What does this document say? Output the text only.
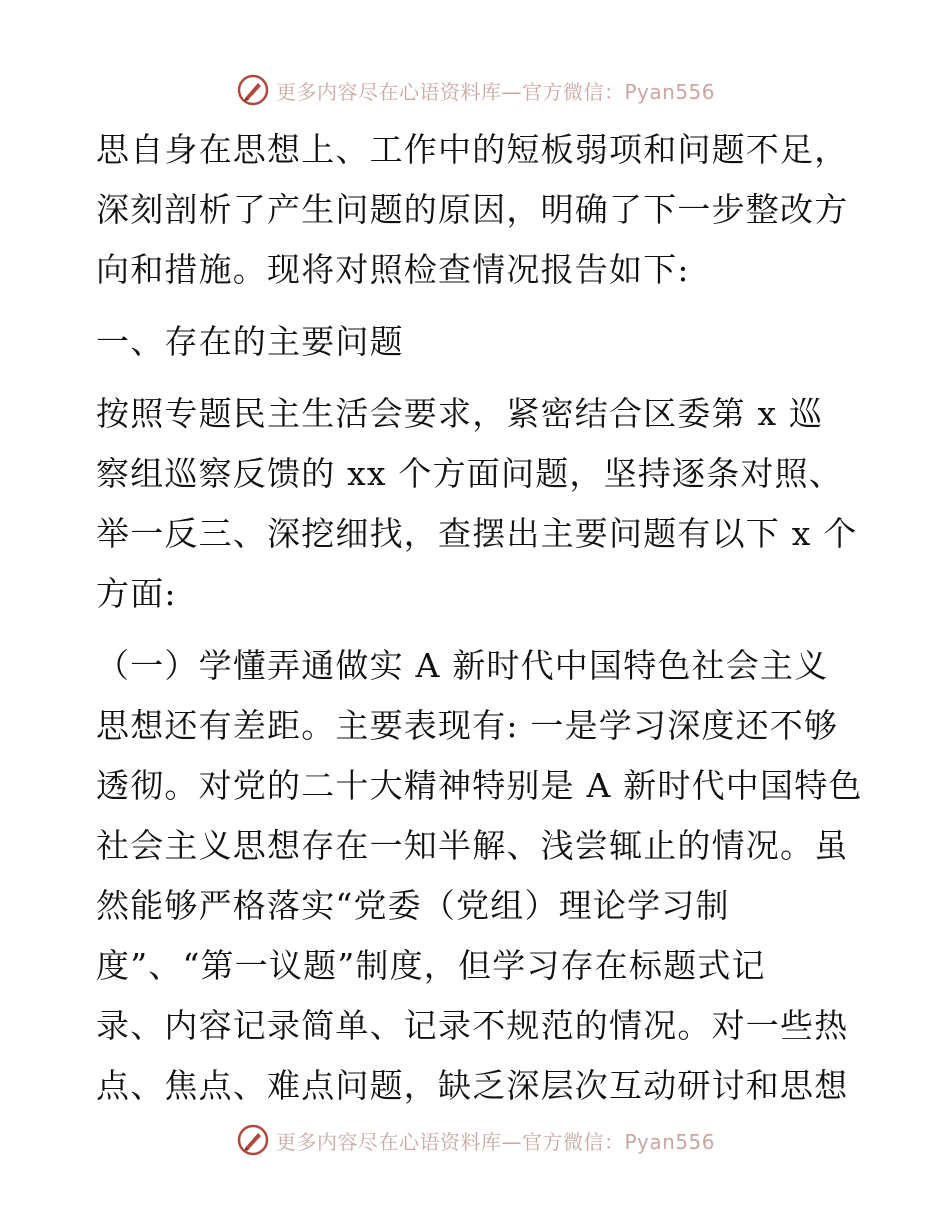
更多内容尽在心语资料库—官方微信：Pyan556
思自身在思想上、工作中的短板弱项和问题不足，
深刻剖析了产生问题的原因，明确了下一步整改方
向和措施。现将对照检查情况报告如下:
一、存在的主要问题
按照专题民主生活会要求，紧密结合区委第 x 巡
察组巡察反馈的 xx 个方面问题，坚持逐条对照、
举一反三、深挖细找，查摆出主要问题有以下 x 个
方面:
（一）学懂弄通做实 A 新时代中国特色社会主义
思想还有差距。主要表现有: 一是学习深度还不够
透彻。对党的二十大精神特别是 A 新时代中国特色
社会主义思想存在一知半解、浅尝辄止的情况。虽
然能够严格落实“党委（党组）理论学习制
度”、“第一议题”制度，但学习存在标题式记
录、内容记录简单、记录不规范的情况。对一些热
点、焦点、难点问题，缺乏深层次互动研讨和思想
更多内容尽在心语资料库—官方微信：Pyan556
